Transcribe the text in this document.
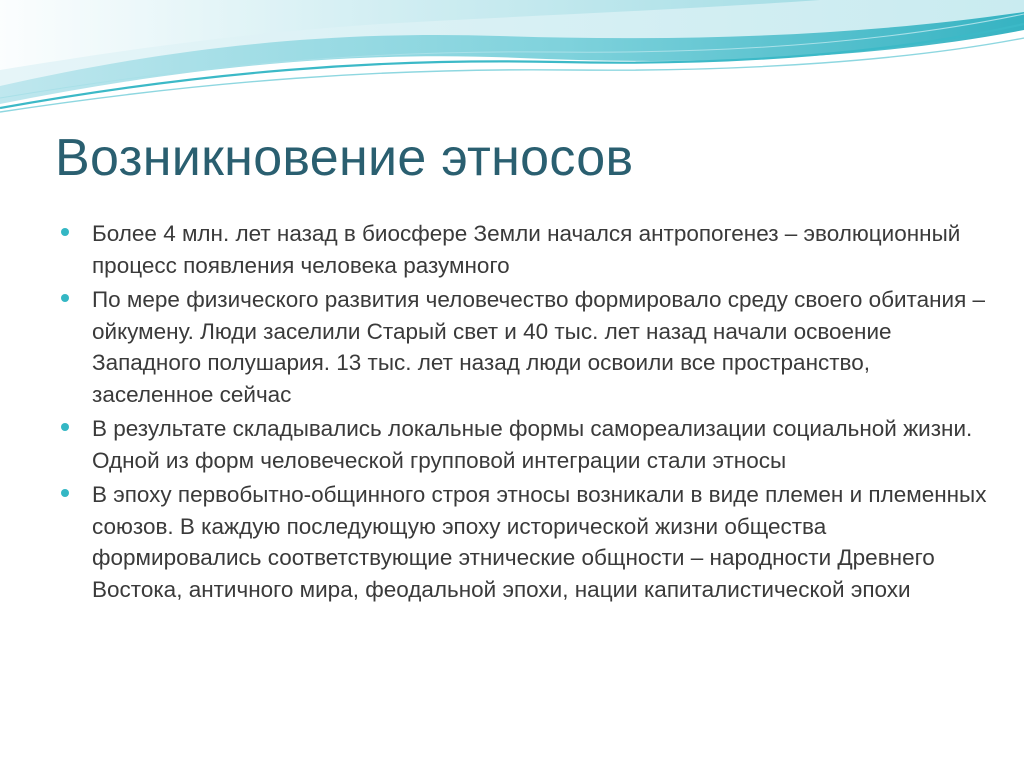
Возникновение этносов
Более 4 млн. лет назад в биосфере Земли начался антропогенез – эволюционный процесс появления человека разумного
По мере физического развития человечество формировало среду своего обитания – ойкумену. Люди заселили Старый свет и 40 тыс. лет назад начали освоение Западного полушария. 13 тыс. лет назад люди освоили все пространство, заселенное сейчас
В результате складывались локальные формы самореализации социальной жизни. Одной из форм человеческой групповой интеграции стали этносы
В эпоху первобытно-общинного строя этносы возникали в виде племен и племенных союзов. В каждую последующую эпоху исторической жизни общества формировались соответствующие этнические общности – народности Древнего Востока, античного мира, феодальной эпохи, нации капиталистической эпохи
